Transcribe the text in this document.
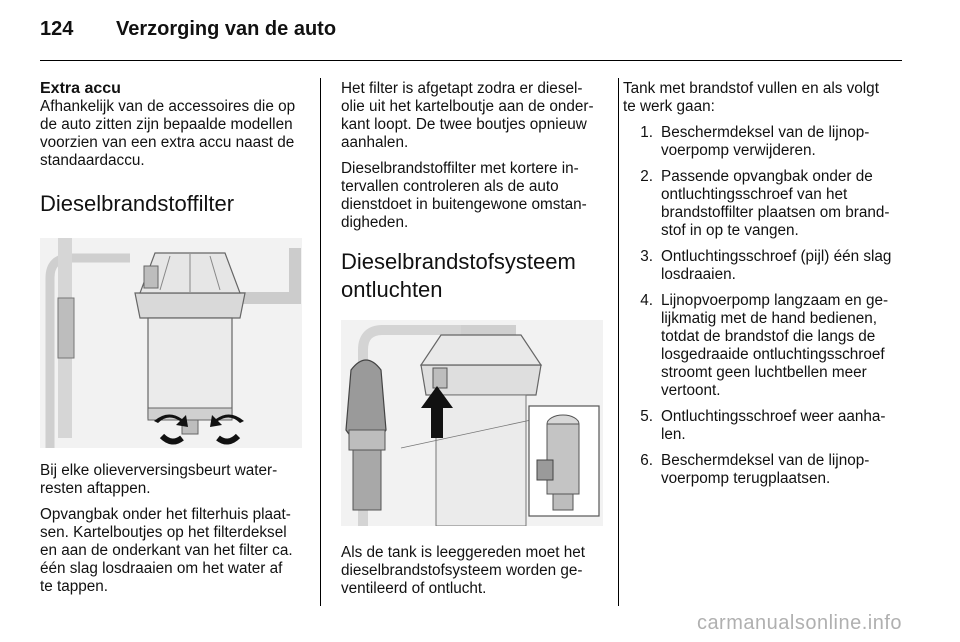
124 Verzorging van de auto
Extra accu

Afhankelijk van de accessoires die op
de auto zitten zijn bepaalde modellen
voorzien van een extra accu naast de
standaardaccu.

Dieselbrandstoffilter

Bij elke olieverversingsbeurt water-
resten aftappen.

Opvangbak onder het filterhuis plaat-
sen. Kartelboutjes op het filterdeksel
en aan de onderkant van het filter ca.
één slag losdraaien om het water af
te tappen.

Het filter is afgetapt zodra er diesel-
olie uit het kartelboutje aan de onder-
kant loopt. De twee boutjes opnieuw
aanhalen.

Dieselbrandstoffilter met kortere in-
tervallen controleren als de auto
dienstdoet in buitengewone omstan-
digheden.

Dieselbrandstofsysteem
ontluchten

Als de tank is leeggereden moet het
dieselbrandstofsysteem worden ge-
ventileerd of ontlucht.

Tank met brandstof vullen en als volgt
te werk gaan:

1. Beschermdeksel van de lijnop-
voerpomp verwijderen.
2. Passende opvangbak onder de
ontluchtingsschroef van het
brandstoffilter plaatsen om brand-
stof in op te vangen.
3. Ontluchtingsschroef (pijl) één slag
losdraaien.
4. Lijnopvoerpomp langzaam en ge-
lijkmatig met de hand bedienen,
totdat de brandstof die langs de
losgedraaide ontluchtingsschroef
stroomt geen luchtbellen meer
vertoont.
5. Ontluchtingsschroef weer aanha-
len.
6. Beschermdeksel van de lijnop-
voerpomp terugplaatsen.
carmanualsonline.info
